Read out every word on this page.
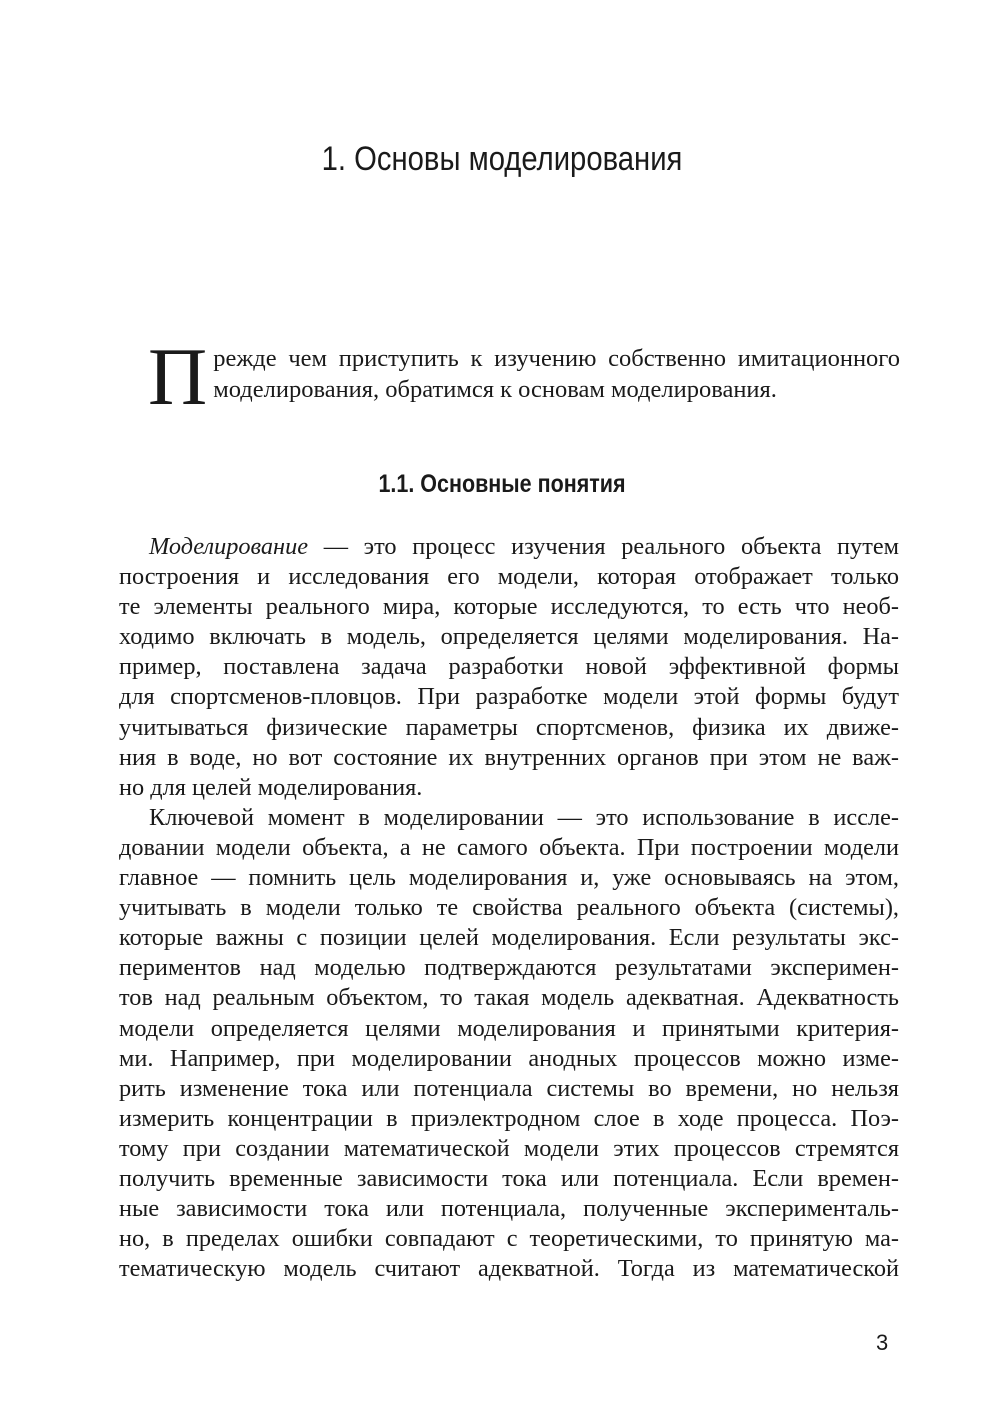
1. Основы моделирования
П режде чем приступить к изучению собственно имитационного
моделирования, обратимся к основам моделирования.
1.1. Основные понятия

Моделирование — это процесс изучения реального объекта путем
построения и исследования его модели, которая отображает только
те элементы реального мира, которые исследуются, то есть что необ-
ходимо включать в модель, определяется целями моделирования. На-
пример, поставлена задача разработки новой эффективной формы
для спортсменов-пловцов. При разработке модели этой формы будут
учитываться физические параметры спортсменов, физика их движе-
ния в воде, но вот состояние их внутренних органов при этом не важ-
но для целей моделирования.

Ключевой момент в моделировании — это использование в иссле-
довании модели объекта, а не самого объекта. При построении модели
главное — помнить цель моделирования и, уже основываясь на этом,
учитывать в модели только те свойства реального объекта (системы),
которые важны с позиции целей моделирования. Если результаты экс-
периментов над моделью подтверждаются результатами эксперимен-
тов над реальным объектом, то такая модель адекватная. Адекватность
модели определяется целями моделирования и принятыми критерия-
ми. Например, при моделировании анодных процессов можно изме-
рить изменение тока или потенциала системы во времени, но нельзя
измерить концентрации в приэлектродном слое в ходе процесса. Поэ-
тому при создании математической модели этих процессов стремятся
получить временные зависимости тока или потенциала. Если времен-
ные зависимости тока или потенциала, полученные эксперименталь-
но, в пределах ошибки совпадают с теоретическими, то принятую ма-
тематическую модель считают адекватной. Тогда из математической

3
